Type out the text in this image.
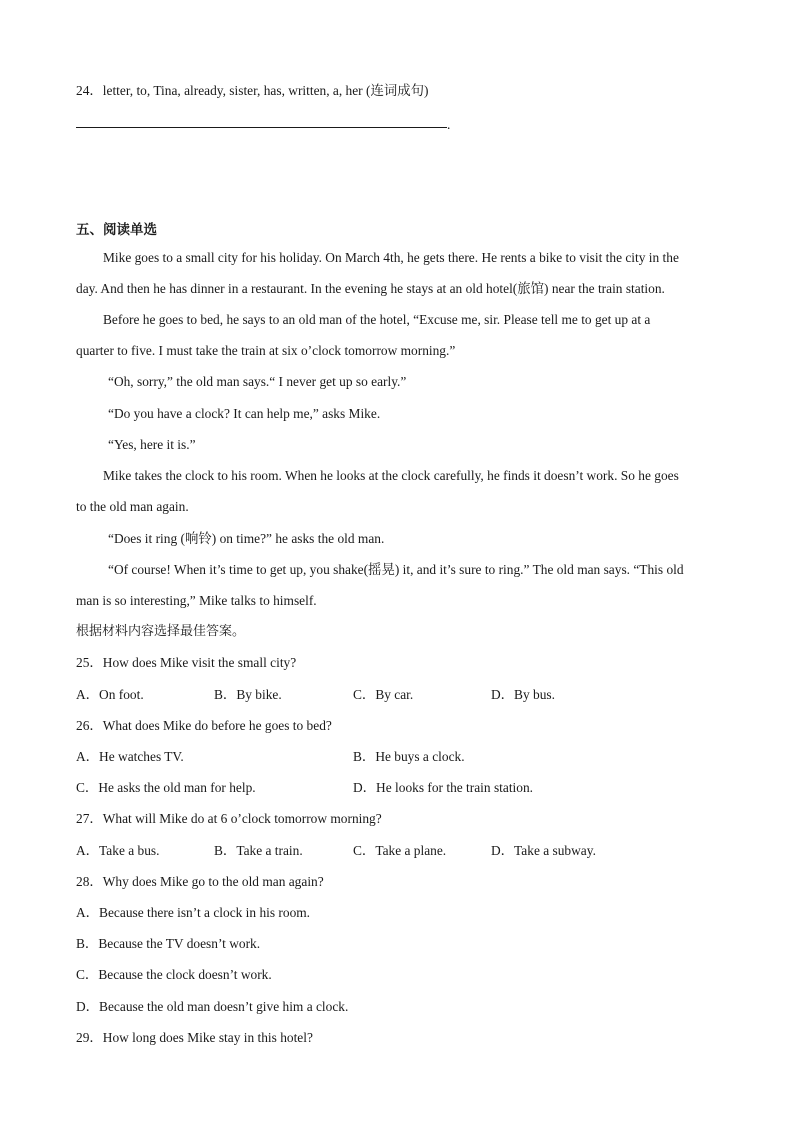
24．letter, to, Tina, already, sister, has, written, a, her (连词成句)
.
五、阅读单选
Mike goes to a small city for his holiday. On March 4th, he gets there. He rents a bike to visit the city in the
day. And then he has dinner in a restaurant. In the evening he stays at an old hotel(旅馆) near the train station.
Before he goes to bed, he says to an old man of the hotel, “Excuse me, sir. Please tell me to get up at a
quarter to five. I must take the train at six o’clock tomorrow morning.”
“Oh, sorry,” the old man says.“ I never get up so early.”
“Do you have a clock? It can help me,” asks Mike.
“Yes, here it is.”
Mike takes the clock to his room. When he looks at the clock carefully, he finds it doesn’t work. So he goes
to the old man again.
“Does it ring (响铃) on time?” he asks the old man.
“Of course! When it’s time to get up, you shake(摇晃) it, and it’s sure to ring.” The old man says. “This old
man is so interesting,” Mike talks to himself.
根据材料内容选择最佳答案。
25．How does Mike visit the small city?
A．On foot.	B．By bike.	C．By car.	D．By bus.
26．What does Mike do before he goes to bed?
A．He watches TV.	B．He buys a clock.
C．He asks the old man for help.	D．He looks for the train station.
27．What will Mike do at 6 o’clock tomorrow morning?
A．Take a bus.	B．Take a train.	C．Take a plane.	D．Take a subway.
28．Why does Mike go to the old man again?
A．Because there isn’t a clock in his room.
B．Because the TV doesn’t work.
C．Because the clock doesn’t work.
D．Because the old man doesn’t give him a clock.
29．How long does Mike stay in this hotel?
